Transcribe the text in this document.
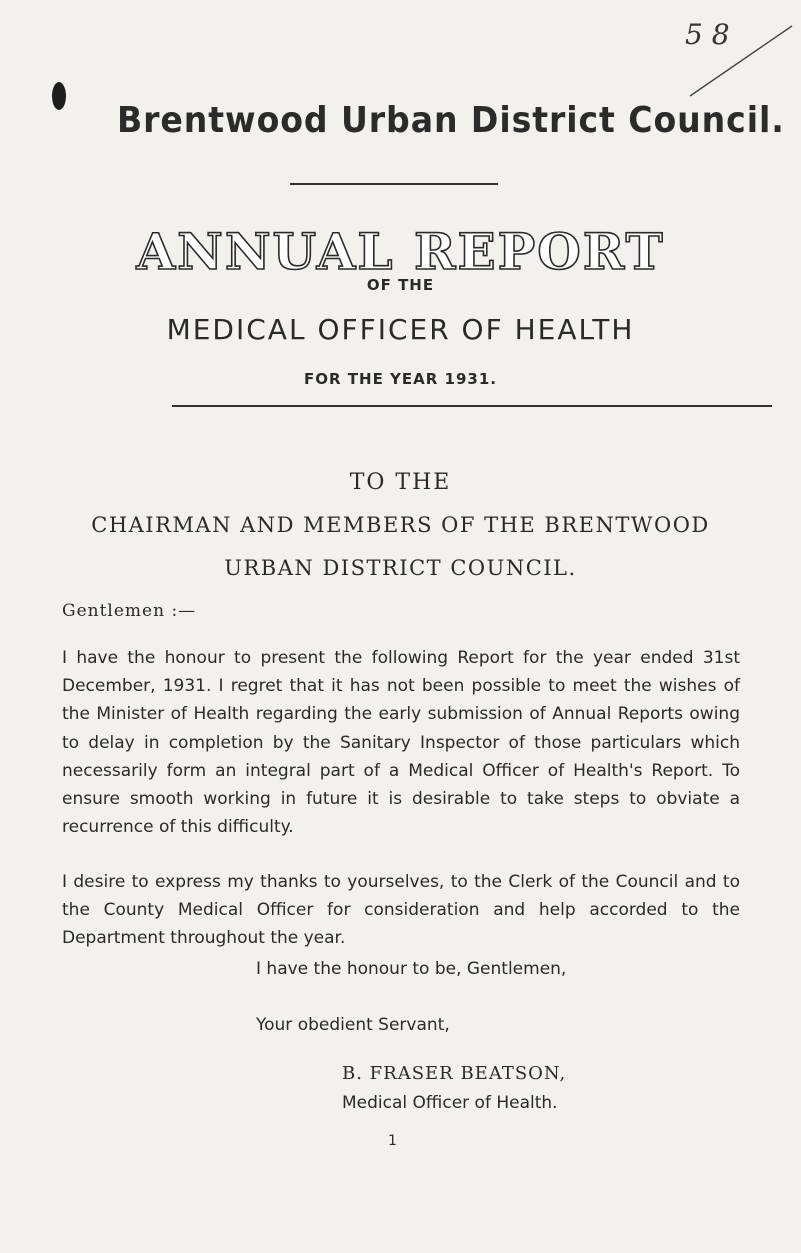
5 8
Brentwood Urban District Council.
ANNUAL REPORT
OF THE
MEDICAL OFFICER OF HEALTH
FOR THE YEAR 1931.
TO THE
CHAIRMAN AND MEMBERS OF THE BRENTWOOD
URBAN DISTRICT COUNCIL.
Gentlemen :—

I have the honour to present the following Report for the year ended 31st December, 1931. I regret that it has not been possible to meet the wishes of the Minister of Health regarding the early submission of Annual Reports owing to delay in completion by the Sanitary Inspector of those particulars which necessarily form an integral part of a Medical Officer of Health's Report. To ensure smooth working in future it is desirable to take steps to obviate a recurrence of this difficulty.

I desire to express my thanks to yourselves, to the Clerk of the Council and to the County Medical Officer for consideration and help accorded to the Department throughout the year.

I have the honour to be, Gentlemen,
Your obedient Servant,
B. FRASER BEATSON,
Medical Officer of Health.
1
